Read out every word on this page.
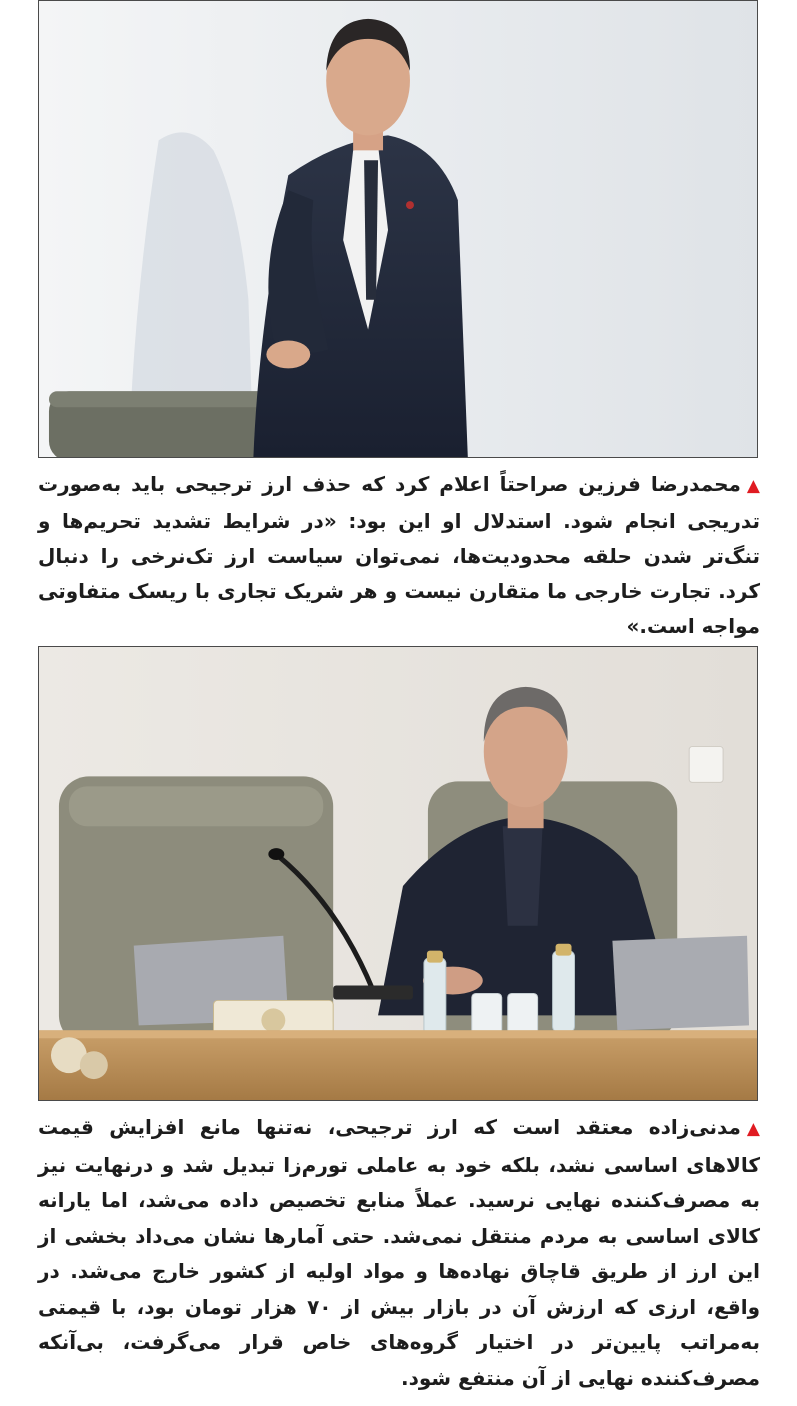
▲محمدرضا فرزین صراحتاً اعلام کرد که حذف ارز ترجیحی باید به‌صورت تدریجی انجام شود. استدلال او این بود: «در شرایط تشدید تحریم‌ها و تنگ‌تر شدن حلقه محدودیت‌ها، نمی‌توان سیاست ارز تک‌نرخی را دنبال کرد. تجارت خارجی ما متقارن نیست و هر شریک تجاری با ریسک متفاوتی مواجه است.»
▲مدنی‌زاده معتقد است که ارز ترجیحی، نه‌تنها مانع افزایش قیمت کالاهای اساسی نشد، بلکه خود به عاملی تورم‌زا تبدیل شد و درنهایت نیز به مصرف‌کننده نهایی نرسید. عملاً منابع تخصیص داده می‌شد، اما یارانه کالای اساسی به مردم منتقل نمی‌شد. حتی آمارها نشان می‌داد بخشی از این ارز از طریق قاچاق نهاده‌ها و مواد اولیه از کشور خارج می‌شد. در واقع، ارزی که ارزش آن در بازار بیش از ۷۰ هزار تومان بود، با قیمتی به‌مراتب پایین‌تر در اختیار گروه‌های خاص قرار می‌گرفت، بی‌آنکه مصرف‌کننده نهایی از آن منتفع شود.
